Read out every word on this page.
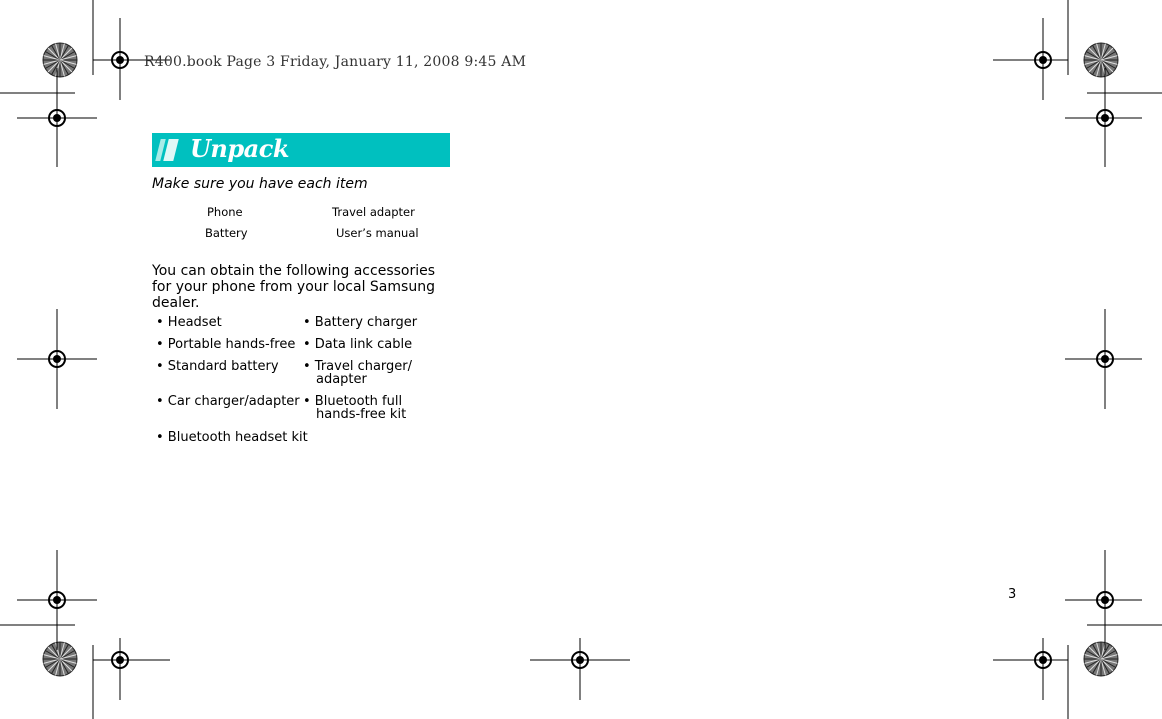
R400.book Page 3 Friday, January 11, 2008 9:45 AM
Unpack
Make sure you have each item
Phone	Travel adapter
Battery	User’s manual
You can obtain the following accessories for your phone from your local Samsung dealer.
• Headset
• Portable hands-free
• Standard battery
• Car charger/adapter
• Bluetooth headset kit
• Battery charger
• Data link cable
• Travel charger/
adapter
• Bluetooth full
hands-free kit
3
